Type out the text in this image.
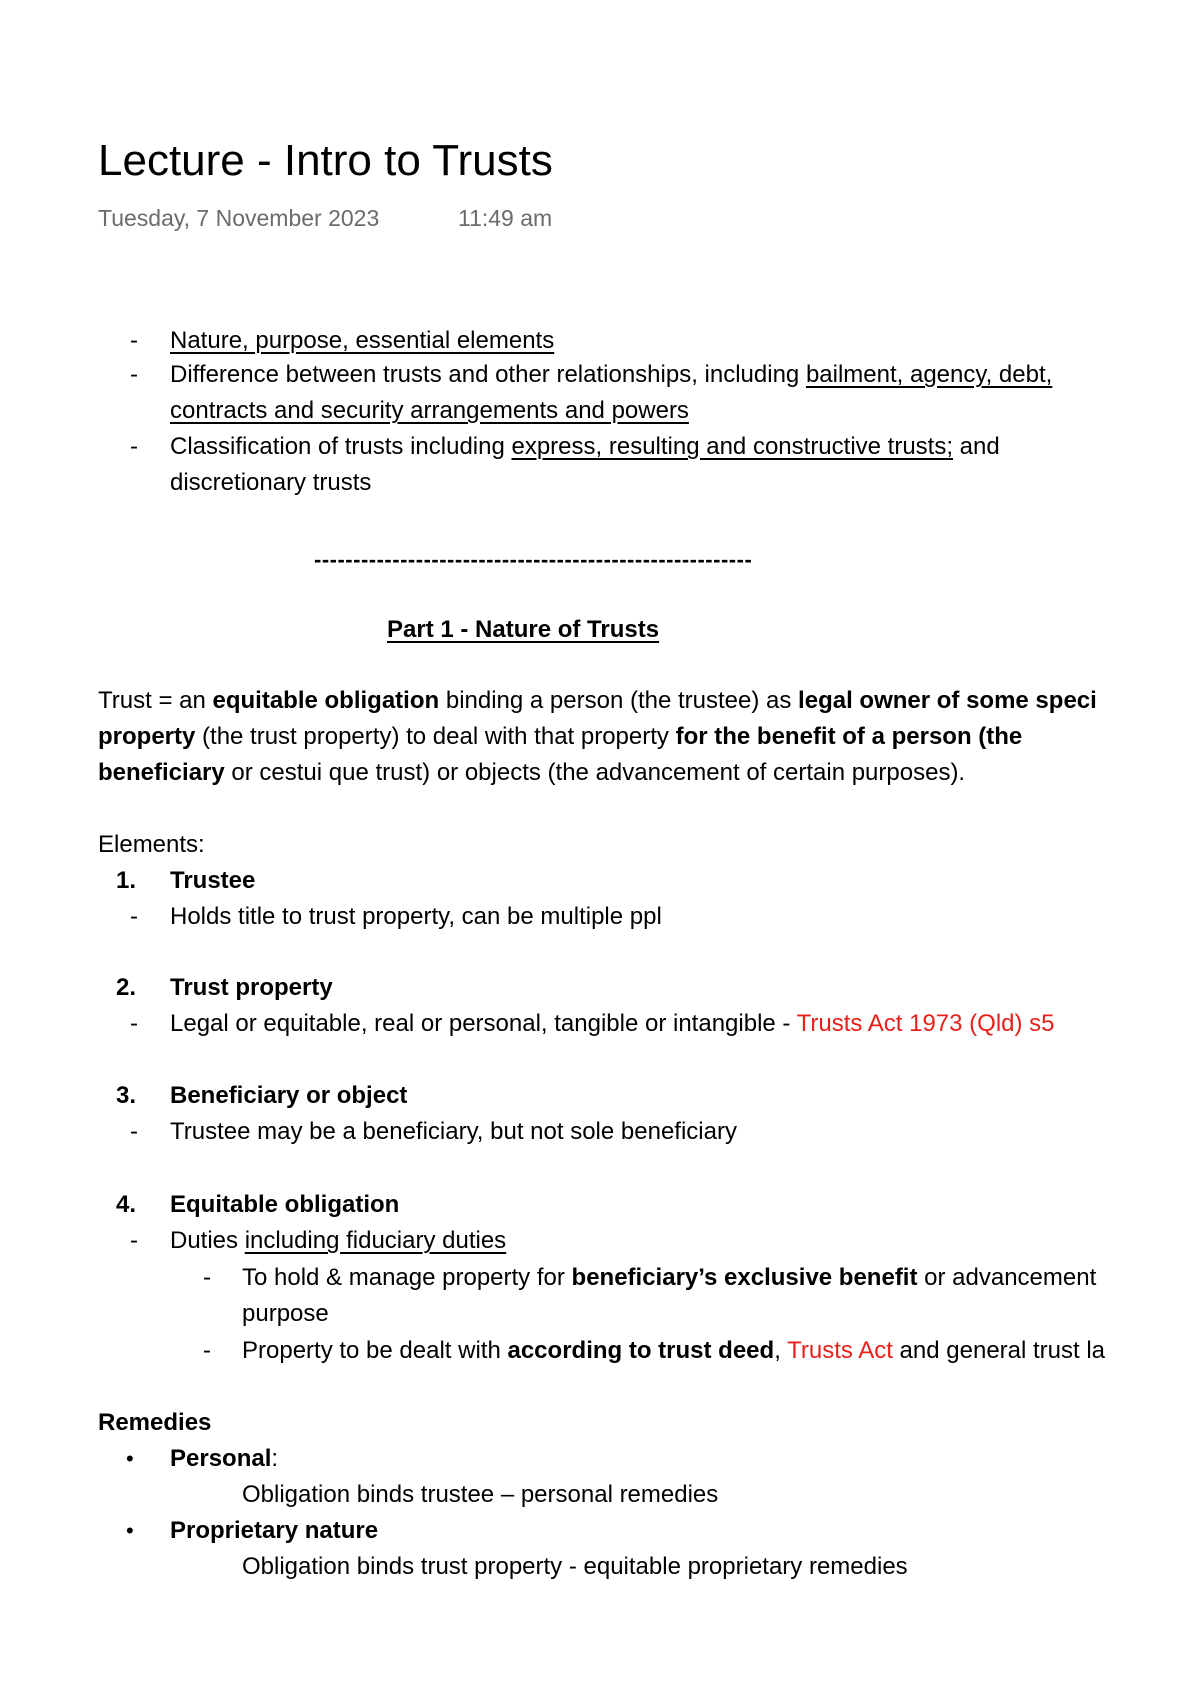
Lecture - Intro to Trusts
Tuesday, 7 November 2023	11:49 am
- Nature, purpose, essential elements
- Difference between trusts and other relationships, including bailment, agency, debt,
contracts and security arrangements and powers
- Classification of trusts including express, resulting and constructive trusts; and
discretionary trusts
--------------------------------------------------------
Part 1 - Nature of Trusts
Trust = an equitable obligation binding a person (the trustee) as legal owner of some speci
property (the trust property) to deal with that property for the benefit of a person (the
beneficiary or cestui que trust) or objects (the advancement of certain purposes).
Elements:
1. Trustee
- Holds title to trust property, can be multiple ppl
2. Trust property
- Legal or equitable, real or personal, tangible or intangible - Trusts Act 1973 (Qld) s5
3. Beneficiary or object
- Trustee may be a beneficiary, but not sole beneficiary
4. Equitable obligation
- Duties including fiduciary duties
- To hold & manage property for beneficiary’s exclusive benefit or advancement
purpose
- Property to be dealt with according to trust deed, Trusts Act and general trust la
Remedies
• Personal:
Obligation binds trustee – personal remedies
• Proprietary nature
Obligation binds trust property - equitable proprietary remedies
